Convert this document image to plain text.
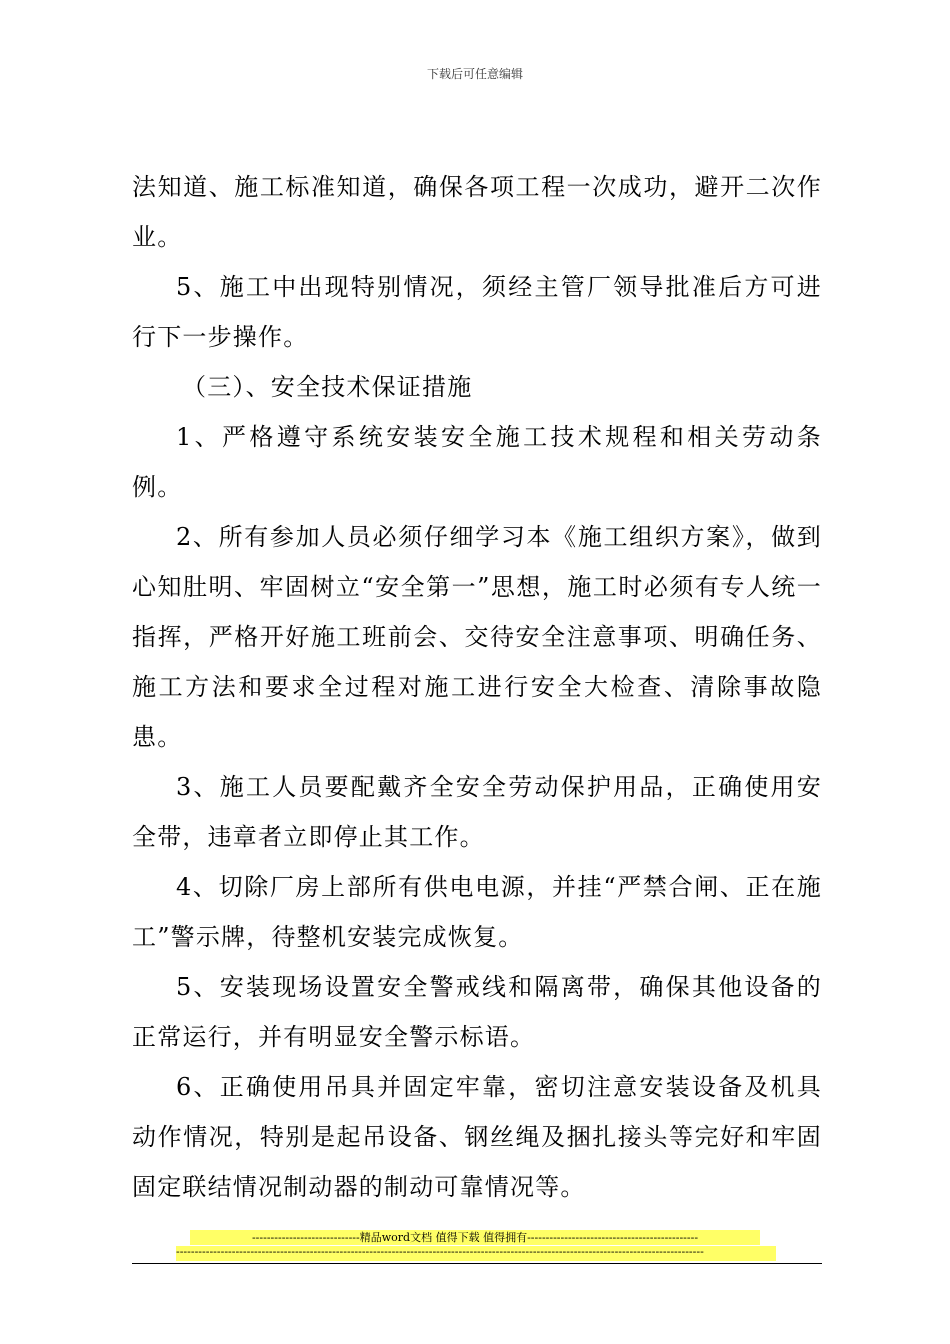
下载后可任意编辑

法知道、施工标准知道，确保各项工程一次成功，避开二次作业。

5、施工中出现特别情况，须经主管厂领导批准后方可进行下一步操作。

（三）、安全技术保证措施

1、严格遵守系统安装安全施工技术规程和相关劳动条例。

2、所有参加人员必须仔细学习本《施工组织方案》，做到心知肚明、牢固树立“安全第一”思想，施工时必须有专人统一指挥，严格开好施工班前会、交待安全注意事项、明确任务、施工方法和要求全过程对施工进行安全大检查、清除事故隐患。

3、施工人员要配戴齐全安全劳动保护用品，正确使用安全带，违章者立即停止其工作。

4、切除厂房上部所有供电电源，并挂“严禁合闸、正在施工”警示牌，待整机安装完成恢复。

5、安装现场设置安全警戒线和隔离带，确保其他设备的正常运行，并有明显安全警示标语。

6、正确使用吊具并固定牢靠，密切注意安装设备及机具动作情况，特别是起吊设备、钢丝绳及捆扎接头等完好和牢固固定联结情况制动器的制动可靠情况等。

-----------------------------精品word文档 值得下载 值得拥有----------------------------------------------
----------------------------------------------------------------------------------------------------------------------------------------------
